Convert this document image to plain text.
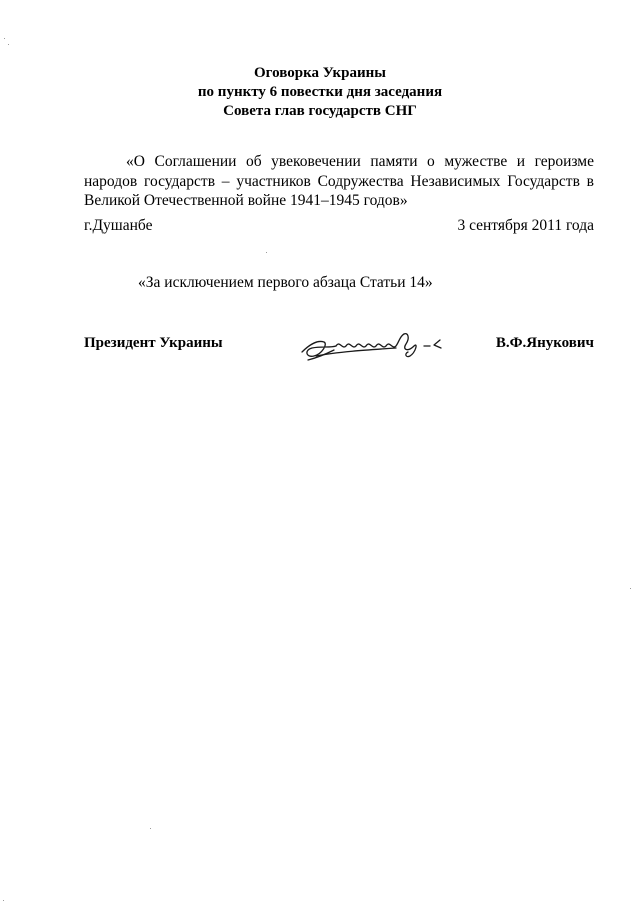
Оговорка Украины
по пункту 6 повестки дня заседания
Совета глав государств СНГ
«О Соглашении об увековечении памяти о мужестве и героизме народов государств – участников Содружества Независимых Государств в Великой Отечественной войне 1941–1945 годов»
г.Душанбе	3 сентября 2011 года
«За исключением первого абзаца Статьи 14»
Президент Украины	В.Ф.Янукович
